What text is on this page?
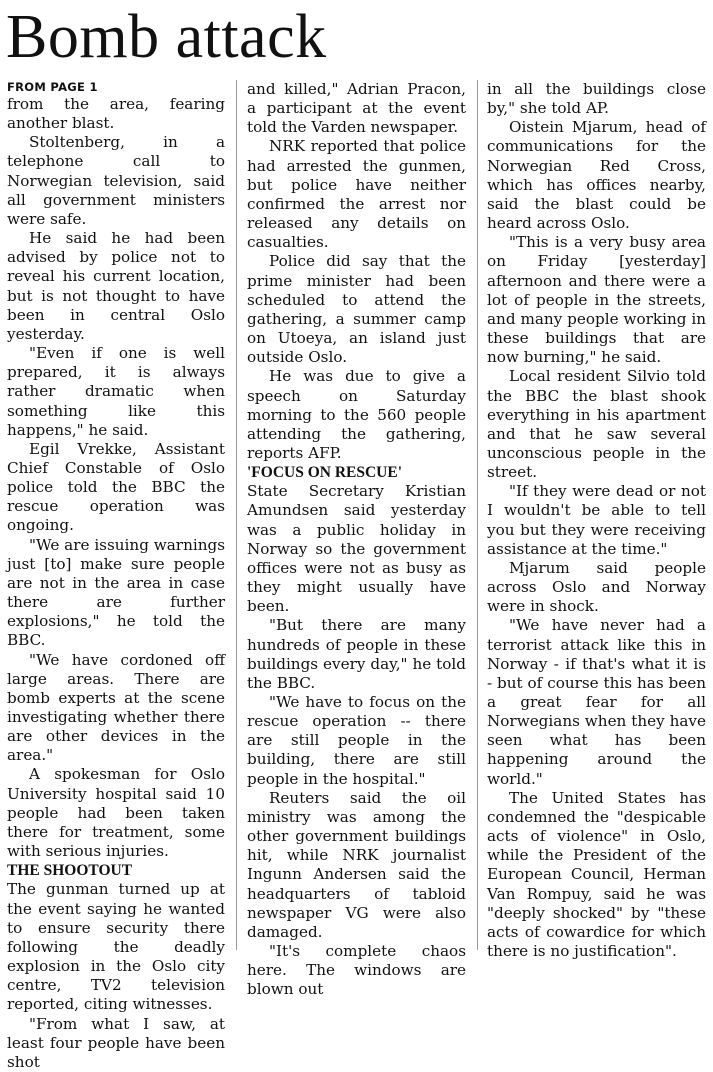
Bomb attack
FROM PAGE 1

from the area, fearing another blast.

Stoltenberg, in a telephone call to Norwegian television, said all government ministers were safe.

He said he had been advised by police not to reveal his current location, but is not thought to have been in central Oslo yesterday.

"Even if one is well prepared, it is always rather dramatic when something like this happens," he said.

Egil Vrekke, Assistant Chief Constable of Oslo police told the BBC the rescue operation was ongoing.

"We are issuing warnings just [to] make sure people are not in the area in case there are further explosions," he told the BBC.

"We have cordoned off large areas. There are bomb experts at the scene investigating whether there are other devices in the area."

A spokesman for Oslo University hospital said 10 people had been taken there for treatment, some with serious injuries.

THE SHOOTOUT

The gunman turned up at the event saying he wanted to ensure security there following the deadly explosion in the Oslo city centre, TV2 television reported, citing witnesses.

"From what I saw, at least four people have been shot

and killed," Adrian Pracon, a participant at the event told the Varden newspaper.

NRK reported that police had arrested the gunmen, but police have neither confirmed the arrest nor released any details on casualties.

Police did say that the prime minister had been scheduled to attend the gathering, a summer camp on Utoeya, an island just outside Oslo.

He was due to give a speech on Saturday morning to the 560 people attending the gathering, reports AFP.

'FOCUS ON RESCUE'

State Secretary Kristian Amundsen said yesterday was a public holiday in Norway so the government offices were not as busy as they might usually have been.

"But there are many hundreds of people in these buildings every day," he told the BBC.

"We have to focus on the rescue operation -- there are still people in the building, there are still people in the hospital."

Reuters said the oil ministry was among the other government buildings hit, while NRK journalist Ingunn Andersen said the headquarters of tabloid newspaper VG were also damaged.

"It's complete chaos here. The windows are blown out

in all the buildings close by," she told AP.

Oistein Mjarum, head of communications for the Norwegian Red Cross, which has offices nearby, said the blast could be heard across Oslo.

"This is a very busy area on Friday [yesterday] afternoon and there were a lot of people in the streets, and many people working in these buildings that are now burning," he said.

Local resident Silvio told the BBC the blast shook everything in his apartment and that he saw several unconscious people in the street.

"If they were dead or not I wouldn't be able to tell you but they were receiving assistance at the time."

Mjarum said people across Oslo and Norway were in shock.

"We have never had a terrorist attack like this in Norway - if that's what it is - but of course this has been a great fear for all Norwegians when they have seen what has been happening around the world."

The United States has condemned the "despicable acts of violence" in Oslo, while the President of the European Council, Herman Van Rompuy, said he was "deeply shocked" by "these acts of cowardice for which there is no justification".
